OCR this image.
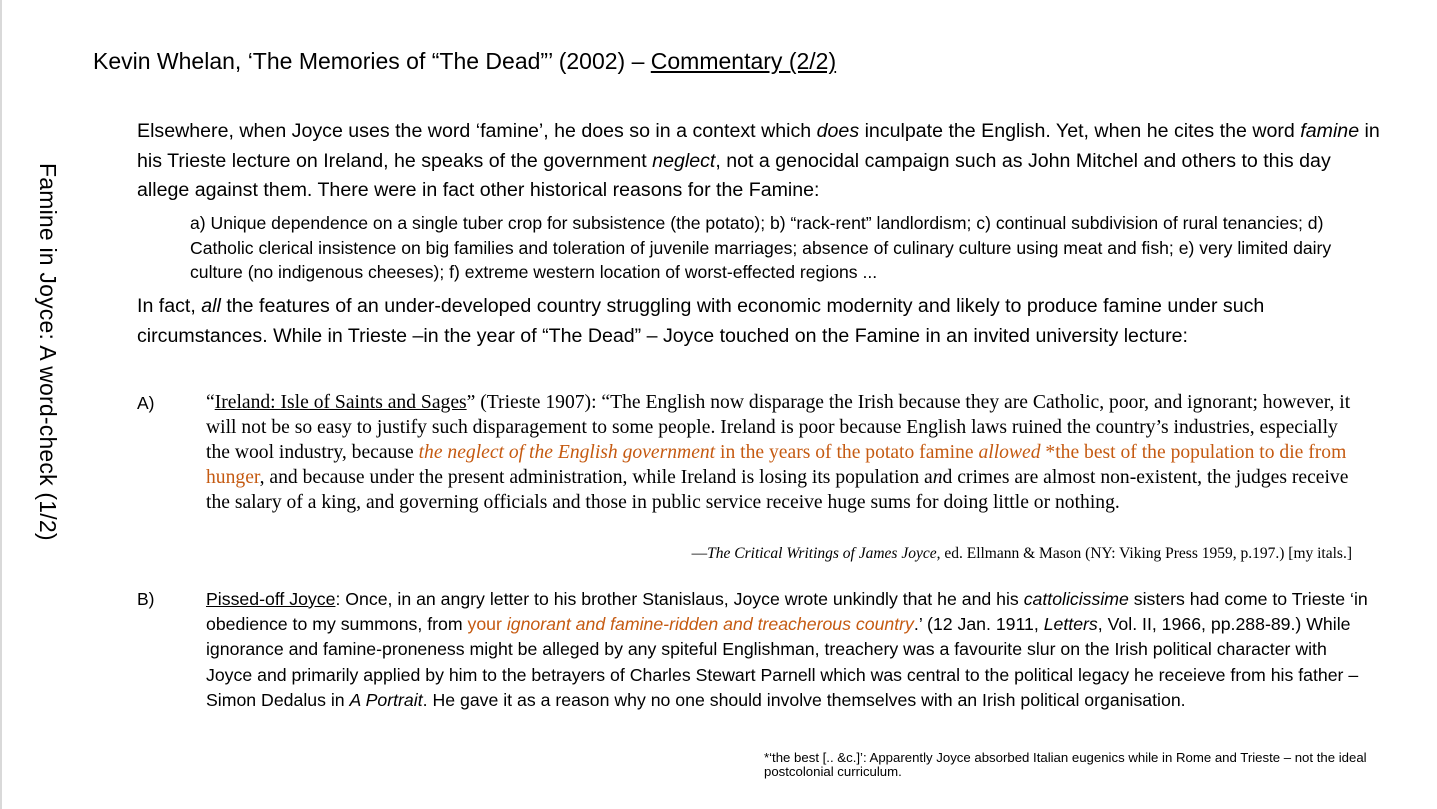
Famine in Joyce: A word-check (1/2)
Kevin Whelan, ‘The Memories of “The Dead”’ (2002) – Commentary (2/2)
Elsewhere, when Joyce uses the word ‘famine’, he does so in a context which does inculpate the English. Yet, when he cites the word famine in his Trieste lecture on Ireland, he speaks of the government neglect, not a genocidal campaign such as John Mitchel and others to this day allege against them. There were in fact other historical reasons for the Famine:
a) Unique dependence on a single tuber crop for subsistence (the potato); b) “rack-rent” landlordism; c) continual subdivision of rural tenancies; d) Catholic clerical insistence on big families and toleration of juvenile marriages; absence of culinary culture using meat and fish; e) very limited dairy culture (no indigenous cheeses); f) extreme western location of worst-effected regions ...
In fact, all the features of an under-developed country struggling with economic modernity and likely to produce famine under such circumstances. While in Trieste –in the year of “The Dead” – Joyce touched on the Famine in an invited university lecture:
A)	“Ireland: Isle of Saints and Sages” (Trieste 1907): “The English now disparage the Irish because they are Catholic, poor, and ignorant; however, it will not be so easy to justify such disparagement to some people. Ireland is poor because English laws ruined the country’s industries, especially the wool industry, because the neglect of the English government in the years of the potato famine allowed *the best of the population to die from hunger, and because under the present administration, while Ireland is losing its population and crimes are almost non-existent, the judges receive the salary of a king, and governing officials and those in public service receive huge sums for doing little or nothing.
—The Critical Writings of James Joyce, ed. Ellmann & Mason (NY: Viking Press 1959, p.197.) [my itals.]
B)	Pissed-off Joyce: Once, in an angry letter to his brother Stanislaus, Joyce wrote unkindly that he and his cattolicissime sisters had come to Trieste ‘in obedience to my summons, from your ignorant and famine-ridden and treacherous country.’ (12 Jan. 1911, Letters, Vol. II, 1966, pp.288-89.) While ignorance and famine-proneness might be alleged by any spiteful Englishman, treachery was a favourite slur on the Irish political character with Joyce and primarily applied by him to the betrayers of Charles Stewart Parnell which was central to the political legacy he receieve from his father – Simon Dedalus in A Portrait. He gave it as a reason why no one should involve themselves with an Irish political organisation.
*‘the best [.. &c.]’: Apparently Joyce absorbed Italian eugenics while in Rome and Trieste – not the ideal postcolonial curriculum.
